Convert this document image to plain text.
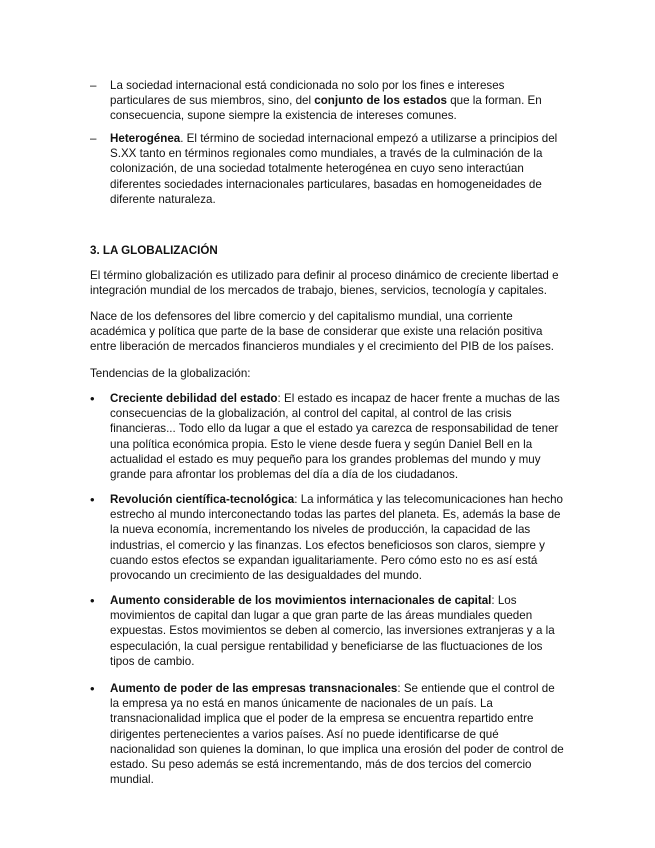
–	La sociedad internacional está condicionada no solo por los fines e intereses particulares de sus miembros, sino, del conjunto de los estados que la forman. En consecuencia, supone siempre la existencia de intereses comunes.

–	Heterogénea. El término de sociedad internacional empezó a utilizarse a principios del S.XX tanto en términos regionales como mundiales, a través de la culminación de la colonización, de una sociedad totalmente heterogénea en cuyo seno interactúan diferentes sociedades internacionales particulares, basadas en homogeneidades de diferente naturaleza.

3. LA GLOBALIZACIÓN

El término globalización es utilizado para definir al proceso dinámico de creciente libertad e integración mundial de los mercados de trabajo, bienes, servicios, tecnología y capitales.

Nace de los defensores del libre comercio y del capitalismo mundial, una corriente académica y política que parte de la base de considerar que existe una relación positiva entre liberación de mercados financieros mundiales y el crecimiento del PIB de los países.

Tendencias de la globalización:

•	Creciente debilidad del estado: El estado es incapaz de hacer frente a muchas de las consecuencias de la globalización, al control del capital, al control de las crisis financieras... Todo ello da lugar a que el estado ya carezca de responsabilidad de tener una política económica propia. Esto le viene desde fuera y según Daniel Bell en la actualidad el estado es muy pequeño para los grandes problemas del mundo y muy grande para afrontar los problemas del día a día de los ciudadanos.

•	Revolución científica-tecnológica: La informática y las telecomunicaciones han hecho estrecho al mundo interconectando todas las partes del planeta. Es, además la base de la nueva economía, incrementando los niveles de producción, la capacidad de las industrias, el comercio y las finanzas. Los efectos beneficiosos son claros, siempre y cuando estos efectos se expandan igualitariamente. Pero cómo esto no es así está provocando un crecimiento de las desigualdades del mundo.

•	Aumento considerable de los movimientos internacionales de capital: Los movimientos de capital dan lugar a que gran parte de las áreas mundiales queden expuestas. Estos movimientos se deben al comercio, las inversiones extranjeras y a la especulación, la cual persigue rentabilidad y beneficiarse de las fluctuaciones de los tipos de cambio.

•	Aumento de poder de las empresas transnacionales: Se entiende que el control de la empresa ya no está en manos únicamente de nacionales de un país. La transnacionalidad implica que el poder de la empresa se encuentra repartido entre dirigentes pertenecientes a varios países. Así no puede identificarse de qué nacionalidad son quienes la dominan, lo que implica una erosión del poder de control de estado. Su peso además se está incrementando, más de dos tercios del comercio mundial.
